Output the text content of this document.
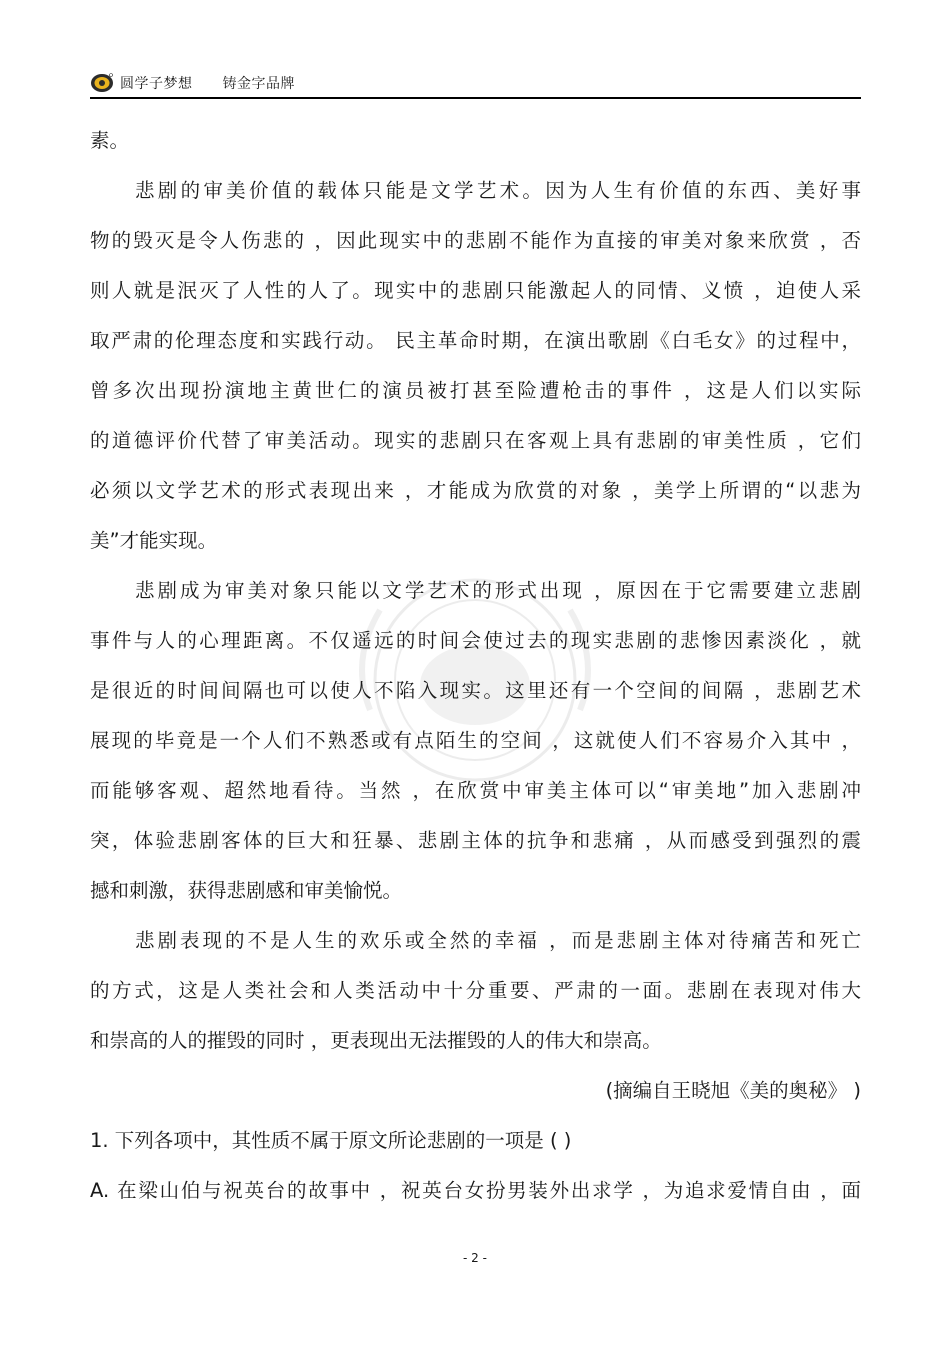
圆学子梦想 铸金字品牌
素。
悲剧的审美价值的载体只能是文学艺术。因为人生有价值的东西、美好事
物的毁灭是令人伤悲的 ，因此现实中的悲剧不能作为直接的审美对象来欣赏 ，否
则人就是泯灭了人性的人了。现实中的悲剧只能激起人的同情、义愤 ，迫使人采
取严肃的伦理态度和实践行动。 民主革命时期，在演出歌剧《白毛女》的过程中，
曾多次出现扮演地主黄世仁的演员被打甚至险遭枪击的事件 ，这是人们以实际
的道德评价代替了审美活动。现实的悲剧只在客观上具有悲剧的审美性质 ，它们
必须以文学艺术的形式表现出来 ，才能成为欣赏的对象 ，美学上所谓的“以悲为
美”才能实现。
悲剧成为审美对象只能以文学艺术的形式出现 ，原因在于它需要建立悲剧
事件与人的心理距离。不仅遥远的时间会使过去的现实悲剧的悲惨因素淡化 ，就
是很近的时间间隔也可以使人不陷入现实。这里还有一个空间的间隔 ，悲剧艺术
展现的毕竟是一个人们不熟悉或有点陌生的空间 ，这就使人们不容易介入其中 ，
而能够客观、超然地看待。当然 ，在欣赏中审美主体可以“审美地”加入悲剧冲
突，体验悲剧客体的巨大和狂暴、悲剧主体的抗争和悲痛 ，从而感受到强烈的震
撼和刺激，获得悲剧感和审美愉悦。
悲剧表现的不是人生的欢乐或全然的幸福 ，而是悲剧主体对待痛苦和死亡
的方式，这是人类社会和人类活动中十分重要、严肃的一面。悲剧在表现对伟大
和崇高的人的摧毁的同时 ，更表现出无法摧毁的人的伟大和崇高。
(摘编自王晓旭《美的奥秘》 )
1. 下列各项中，其性质不属于原文所论悲剧的一项是 ( )
A. 在梁山伯与祝英台的故事中 ，祝英台女扮男装外出求学 ，为追求爱情自由 ，面
- 2 -
